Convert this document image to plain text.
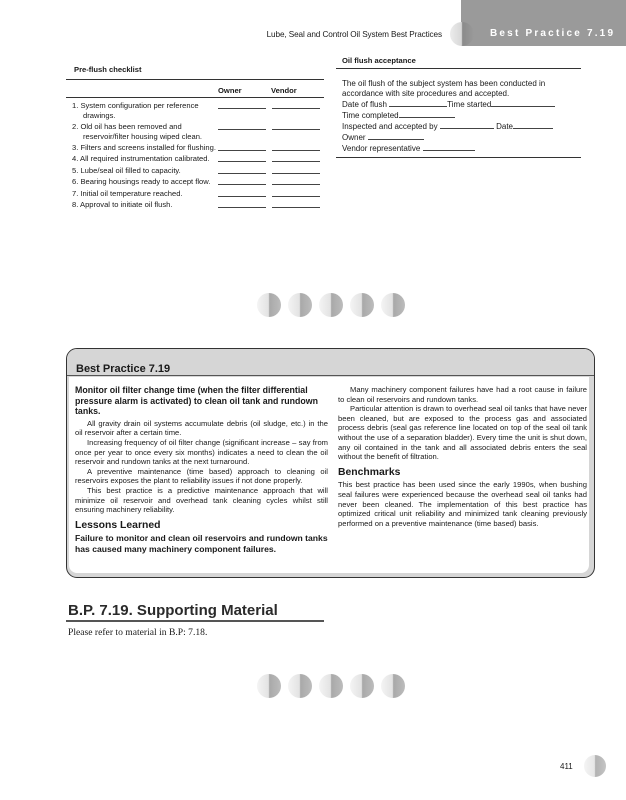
Lube, Seal and Control Oil System Best Practices	Best Practice 7.19
Pre-flush checklist
Owner	Vendor
1. System configuration per reference drawings.
2. Old oil has been removed and reservoir/filter housing wiped clean.
3. Filters and screens installed for flushing.
4. All required instrumentation calibrated.
5. Lube/seal oil filled to capacity.
6. Bearing housings ready to accept flow.
7. Initial oil temperature reached.
8. Approval to initiate oil flush.
Oil flush acceptance

The oil flush of the subject system has been conducted in accordance with site procedures and accepted.

Date of flush	Time started

Time completed

Inspected and accepted by	Date

Owner

Vendor representative

Best Practice 7.19

Monitor oil filter change time (when the filter differential pressure alarm is activated) to clean oil tank and rundown tanks.

All gravity drain oil systems accumulate debris (oil sludge, etc.) in the oil reservoir after a certain time.

Increasing frequency of oil filter change (significant increase – say from once per year to once every six months) indicates a need to clean the oil reservoir and rundown tanks at the next turnaround.

A preventive maintenance (time based) approach to cleaning oil reservoirs exposes the plant to reliability issues if not done properly.

This best practice is a predictive maintenance approach that will minimize oil reservoir and overhead tank cleaning cycles whilst still ensuring machinery reliability.

Lessons Learned

Failure to monitor and clean oil reservoirs and rundown tanks has caused many machinery component failures.

Many machinery component failures have had a root cause in failure to clean oil reservoirs and rundown tanks.

Particular attention is drawn to overhead seal oil tanks that have never been cleaned, but are exposed to the process gas and associated process debris (seal gas reference line located on top of the seal oil tank without the use of a separation bladder). Every time the unit is shut down, any oil contained in the tank and all associated debris enters the seal without the benefit of filtration.

Benchmarks

This best practice has been used since the early 1990s, when bushing seal failures were experienced because the overhead seal oil tanks had never been cleaned. The implementation of this best practice has optimized critical unit reliability and minimized tank cleaning previously performed on a preventive maintenance (time based) basis.

B.P. 7.19. Supporting Material
Please refer to material in B.P: 7.18.
411
